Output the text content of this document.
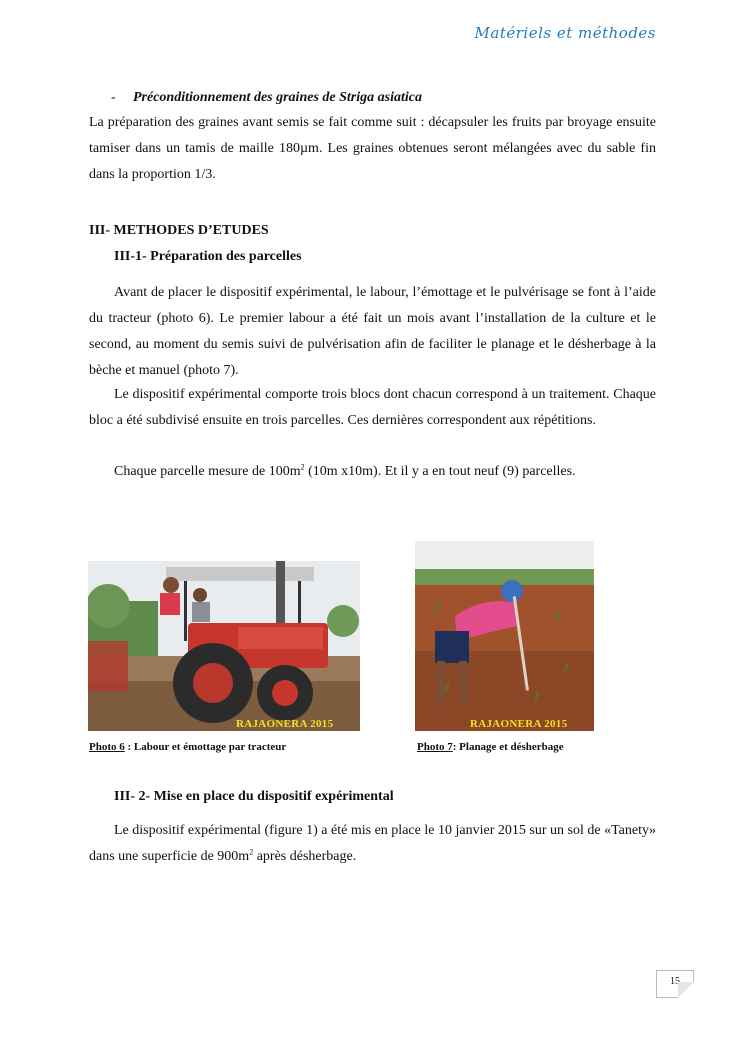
Matériels et méthodes
- Préconditionnement des graines de Striga asiatica

La préparation des graines avant semis se fait comme suit : décapsuler les fruits par broyage ensuite tamiser dans un tamis de maille 180µm. Les graines obtenues seront mélangées avec du sable fin dans la proportion 1/3.

III- METHODES D’ETUDES

III-1- Préparation des parcelles

Avant de placer le dispositif expérimental, le labour, l’émottage et le pulvérisage se font à l’aide du tracteur (photo 6). Le premier labour a été fait un mois avant l’installation de la culture et le second, au moment du semis suivi de pulvérisation afin de faciliter le planage et le désherbage à la bèche et manuel (photo 7).

Le dispositif expérimental comporte trois blocs dont chacun correspond à un traitement. Chaque bloc a été subdivisé ensuite en trois parcelles. Ces dernières correspondent aux répétitions.

Chaque parcelle mesure de $100m^2$ (10m x10m). Et il y a en tout neuf (9) parcelles.

RAJAONERA 2015	RAJAONERA 2015
Photo 6 : Labour et émottage par tracteur	Photo 7: Planage et désherbage

III- 2- Mise en place du dispositif expérimental

Le dispositif expérimental (figure 1) a été mis en place le 10 janvier 2015 sur un sol de «Tanety» dans une superficie de $900m^2$ après désherbage.

15
